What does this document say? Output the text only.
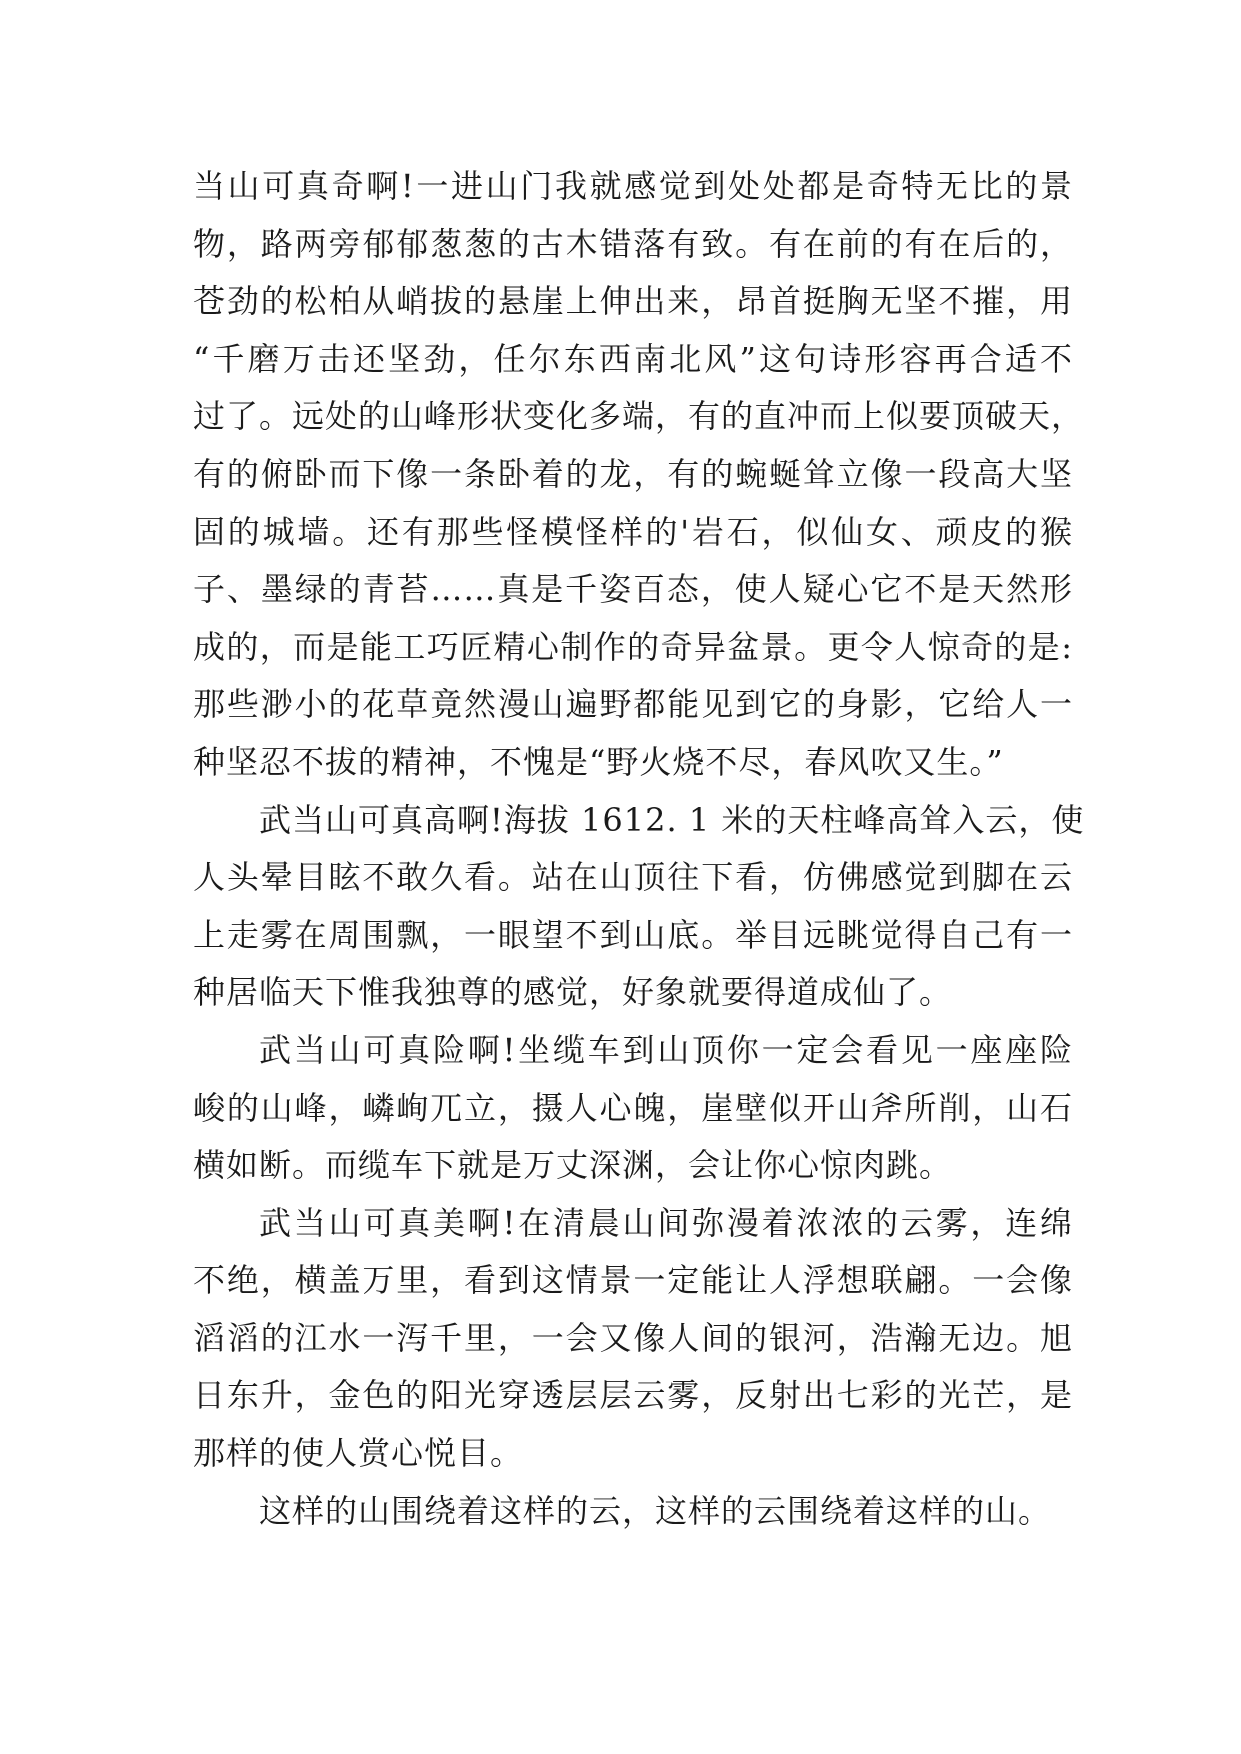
当山可真奇啊!一进山门我就感觉到处处都是奇特无比的景
物，路两旁郁郁葱葱的古木错落有致。有在前的有在后的，
苍劲的松柏从峭拔的悬崖上伸出来，昂首挺胸无坚不摧，用
“千磨万击还坚劲，任尔东西南北风”这句诗形容再合适不
过了。远处的山峰形状变化多端，有的直冲而上似要顶破天，
有的俯卧而下像一条卧着的龙，有的蜿蜒耸立像一段高大坚
固的城墙。还有那些怪模怪样的'岩石，似仙女、顽皮的猴
子、墨绿的青苔……真是千姿百态，使人疑心它不是天然形
成的，而是能工巧匠精心制作的奇异盆景。更令人惊奇的是:
那些渺小的花草竟然漫山遍野都能见到它的身影，它给人一
种坚忍不拔的精神，不愧是“野火烧不尽，春风吹又生。”
武当山可真高啊!海拔 1612. 1 米的天柱峰高耸入云，使
人头晕目眩不敢久看。站在山顶往下看，仿佛感觉到脚在云
上走雾在周围飘，一眼望不到山底。举目远眺觉得自己有一
种居临天下惟我独尊的感觉，好象就要得道成仙了。
武当山可真险啊!坐缆车到山顶你一定会看见一座座险
峻的山峰，嶙峋兀立，摄人心魄，崖壁似开山斧所削，山石
横如断。而缆车下就是万丈深渊，会让你心惊肉跳。
武当山可真美啊!在清晨山间弥漫着浓浓的云雾，连绵
不绝，横盖万里，看到这情景一定能让人浮想联翩。一会像
滔滔的江水一泻千里，一会又像人间的银河，浩瀚无边。旭
日东升，金色的阳光穿透层层云雾，反射出七彩的光芒，是
那样的使人赏心悦目。
这样的山围绕着这样的云，这样的云围绕着这样的山。
